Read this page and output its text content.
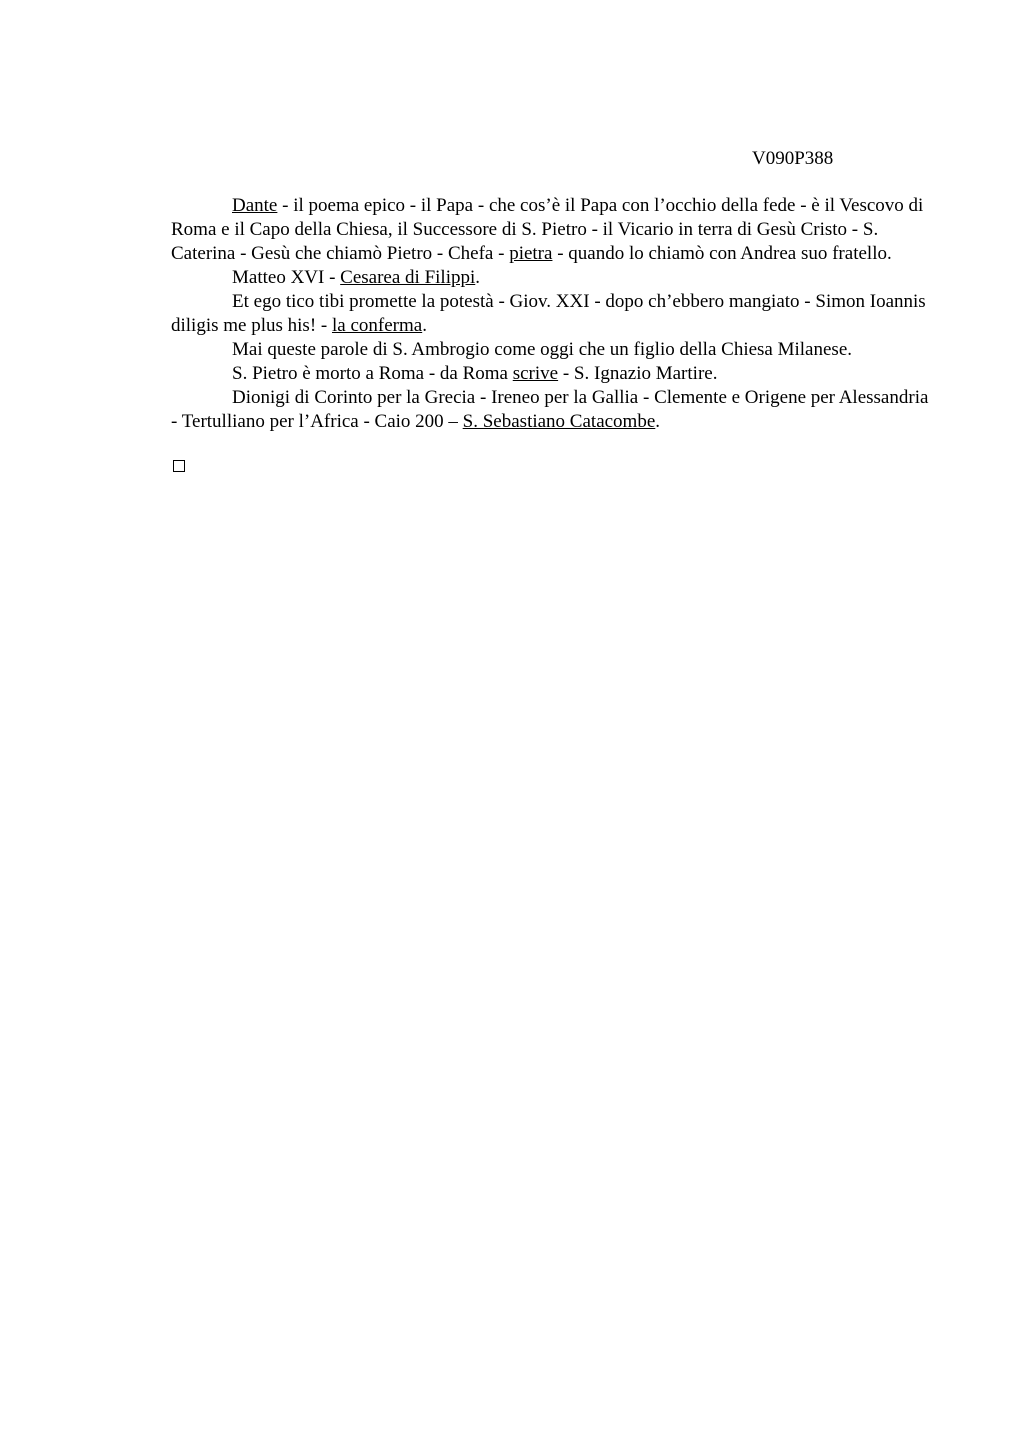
V090P388

Dante - il poema epico - il Papa - che cos’è il Papa con l’occhio della fede - è il Vescovo di Roma e il Capo della Chiesa, il Successore di S. Pietro - il Vicario in terra di Gesù Cristo - S. Caterina - Gesù che chiamò Pietro - Chefa - pietra - quando lo chiamò con Andrea suo fratello.

Matteo XVI - Cesarea di Filippi.

Et ego tico tibi promette la potestà - Giov. XXI - dopo ch’ebbero mangiato - Simon Ioannis diligis me plus his! - la conferma.

Mai queste parole di S. Ambrogio come oggi che un figlio della Chiesa Milanese.

S. Pietro è morto a Roma - da Roma scrive - S. Ignazio Martire.

Dionigi di Corinto per la Grecia - Ireneo per la Gallia - Clemente e Origene per Alessandria - Tertulliano per l’Africa - Caio 200 – S. Sebastiano Catacombe.
